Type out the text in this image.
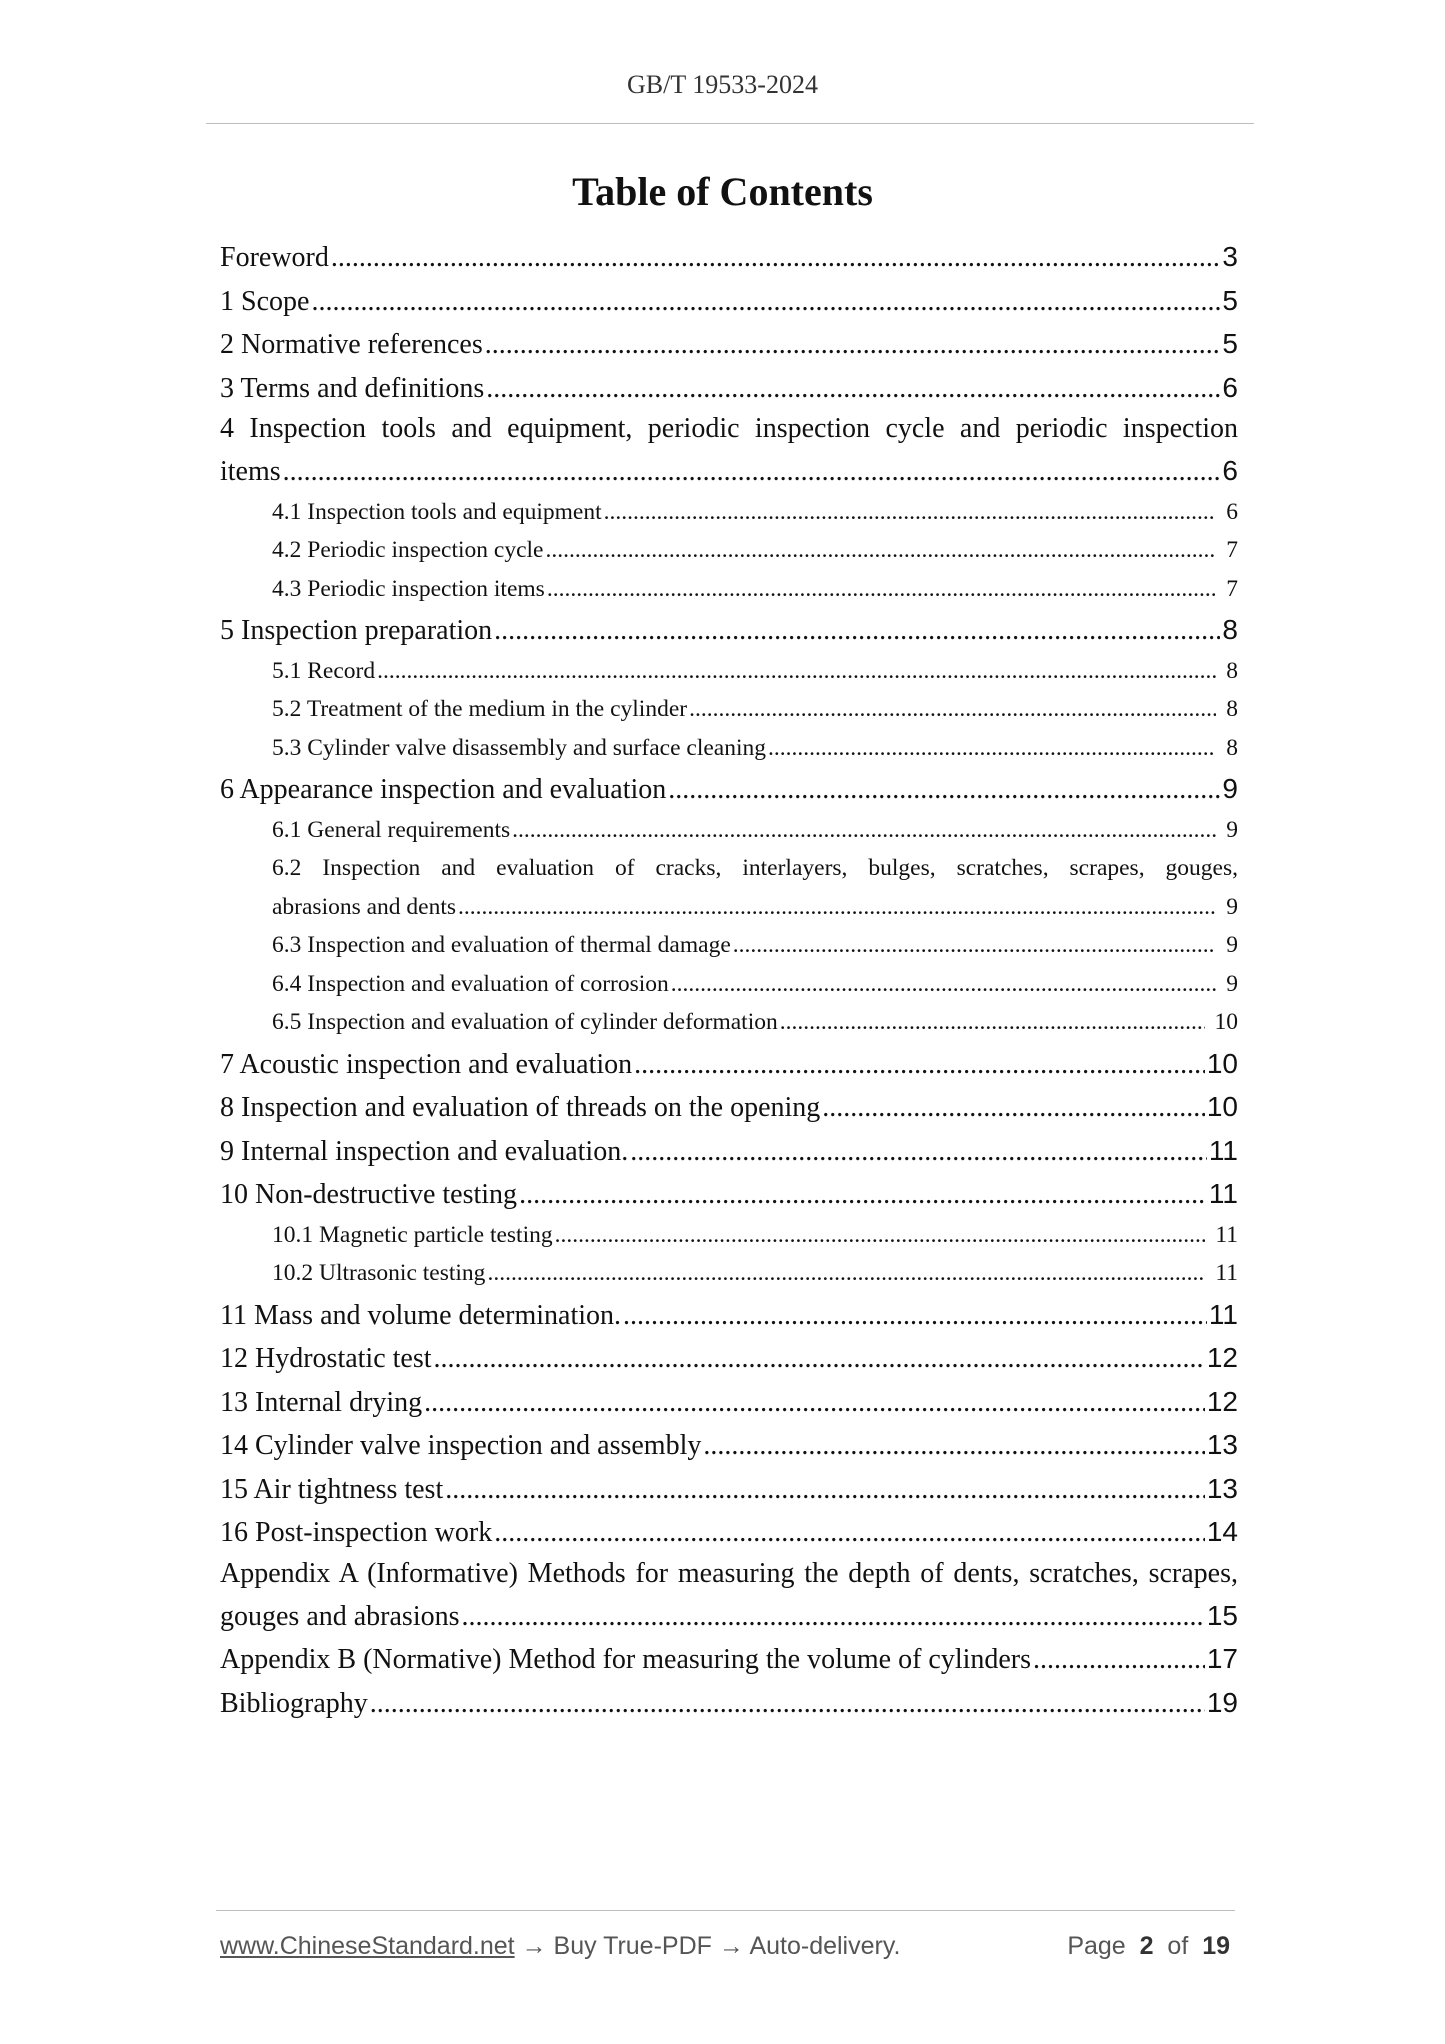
GB/T 19533-2024
Table of Contents
Foreword .....	3
1 Scope .....	5
2 Normative references .....	5
3 Terms and definitions .....	6
4 Inspection tools and equipment, periodic inspection cycle and periodic inspection
items .....	6
4.1 Inspection tools and equipment .....	6
4.2 Periodic inspection cycle .....	7
4.3 Periodic inspection items .....	7
5 Inspection preparation .....	8
5.1 Record .....	8
5.2 Treatment of the medium in the cylinder .....	8
5.3 Cylinder valve disassembly and surface cleaning .....	8
6 Appearance inspection and evaluation .....	9
6.1 General requirements .....	9
6.2 Inspection and evaluation of cracks, interlayers, bulges, scratches, scrapes, gouges,
abrasions and dents .....	9
6.3 Inspection and evaluation of thermal damage .....	9
6.4 Inspection and evaluation of corrosion .....	9
6.5 Inspection and evaluation of cylinder deformation .....	10
7 Acoustic inspection and evaluation .....	10
8 Inspection and evaluation of threads on the opening .....	10
9 Internal inspection and evaluation. .....	11
10 Non-destructive testing .....	11
10.1 Magnetic particle testing .....	11
10.2 Ultrasonic testing .....	11
11 Mass and volume determination. .....	11
12 Hydrostatic test .....	12
13 Internal drying .....	12
14 Cylinder valve inspection and assembly .....	13
15 Air tightness test .....	13
16 Post-inspection work .....	14
Appendix A (Informative) Methods for measuring the depth of dents, scratches, scrapes,
gouges and abrasions .....	15
Appendix B (Normative) Method for measuring the volume of cylinders .....	17
Bibliography .....	19
www.ChineseStandard.net → Buy True-PDF → Auto-delivery.	Page 2 of 19
